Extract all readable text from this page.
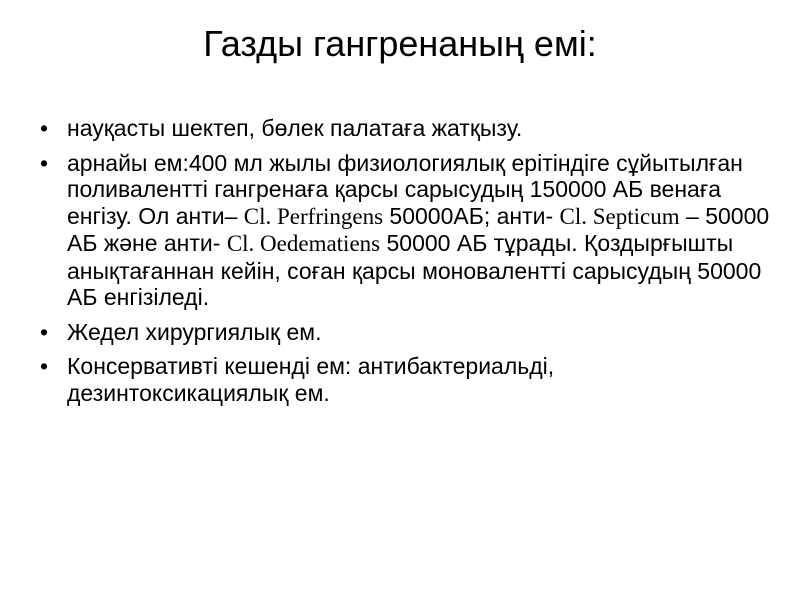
Газды гангренаның емі:
• науқасты шектеп, бөлек палатаға жатқызу.
• арнайы ем:400 мл жылы физиологиялық ерітіндіге сұйытылған поливалентті гангренаға қарсы сарысудың 150000 АБ венаға енгізу. Ол анти– Cl. Perfringens 50000АБ; анти- Cl. Septicum – 50000 АБ және анти- Cl. Oedematiens 50000 АБ тұрады. Қоздырғышты анықтағаннан кейін, соған қарсы моновалентті сарысудың 50000 АБ енгізіледі.
• Жедел хирургиялық ем.
• Консервативті кешенді ем: антибактериальді, дезинтоксикациялық ем.
